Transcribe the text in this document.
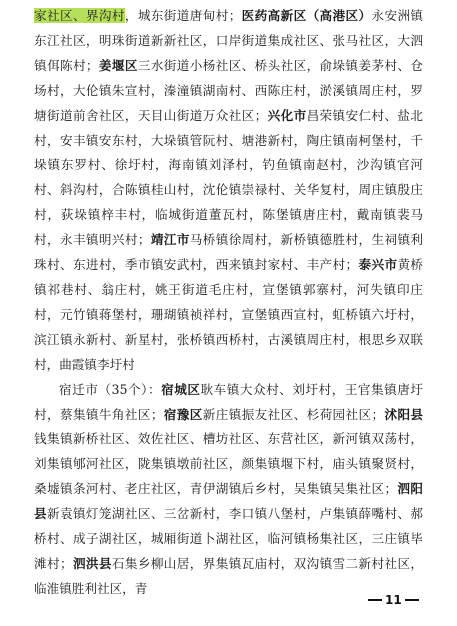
家社区、界沟村，城东街道唐甸村；医药高新区（高港区）永安洲镇东江社区，明珠街道新新社区，口岸街道集成社区、张马社区，大泗镇佴陈村；姜堰区三水街道小杨社区、桥头社区，俞垛镇姜茅村、仓场村，大伦镇朱宣村，溱潼镇湖南村、西陈庄村，淤溪镇周庄村，罗塘街道前舍社区，天目山街道万众社区；兴化市昌荣镇安仁村、盐北村，安丰镇安东村，大垛镇管阮村、塘港新村，陶庄镇南柯堡村，千垛镇东罗村、徐圩村，海南镇刘泽村，钓鱼镇南赵村，沙沟镇官河村、斜沟村，合陈镇桂山村，沈伦镇崇禄村、关华复村，周庄镇殷庄村，荻垛镇梓丰村，临城街道董瓦村，陈堡镇唐庄村，戴南镇裴马村，永丰镇明兴村；靖江市马桥镇徐周村，新桥镇德胜村，生祠镇利珠村、东进村，季市镇安武村，西来镇封家村、丰产村；泰兴市黄桥镇祁巷村、翁庄村，姚王街道毛庄村，宣堡镇郭寨村，河失镇印庄村，元竹镇蒋堡村，珊瑚镇祯祥村，宣堡镇西宣村，虹桥镇六圩村，滨江镇永新村、新星村，张桥镇西桥村，古溪镇周庄村，根思乡双联村，曲霞镇李圩村

宿迁市（35个）：宿城区耿车镇大众村、刘圩村，王官集镇唐圩村，蔡集镇牛角社区；宿豫区新庄镇振友社区、杉荷园社区；沭阳县钱集镇新桥社区、效佐社区、槽坊社区、东营社区，新河镇双荡村，刘集镇郇河社区，陇集镇墩前社区，颜集镇堰下村，庙头镇聚贤村，桑墟镇条河村、老庄社区，青伊湖镇后乡村，吴集镇吴集社区；泗阳县新袁镇灯笼湖社区、三岔新村，李口镇八堡村，卢集镇薛嘴村、郝桥村、成子湖社区，城厢街道卜湖社区，临河镇杨集社区，三庄镇毕滩村；泗洪县石集乡柳山居，界集镇瓦庙村，双沟镇雪二新村社区，临淮镇胜利社区，青

11
